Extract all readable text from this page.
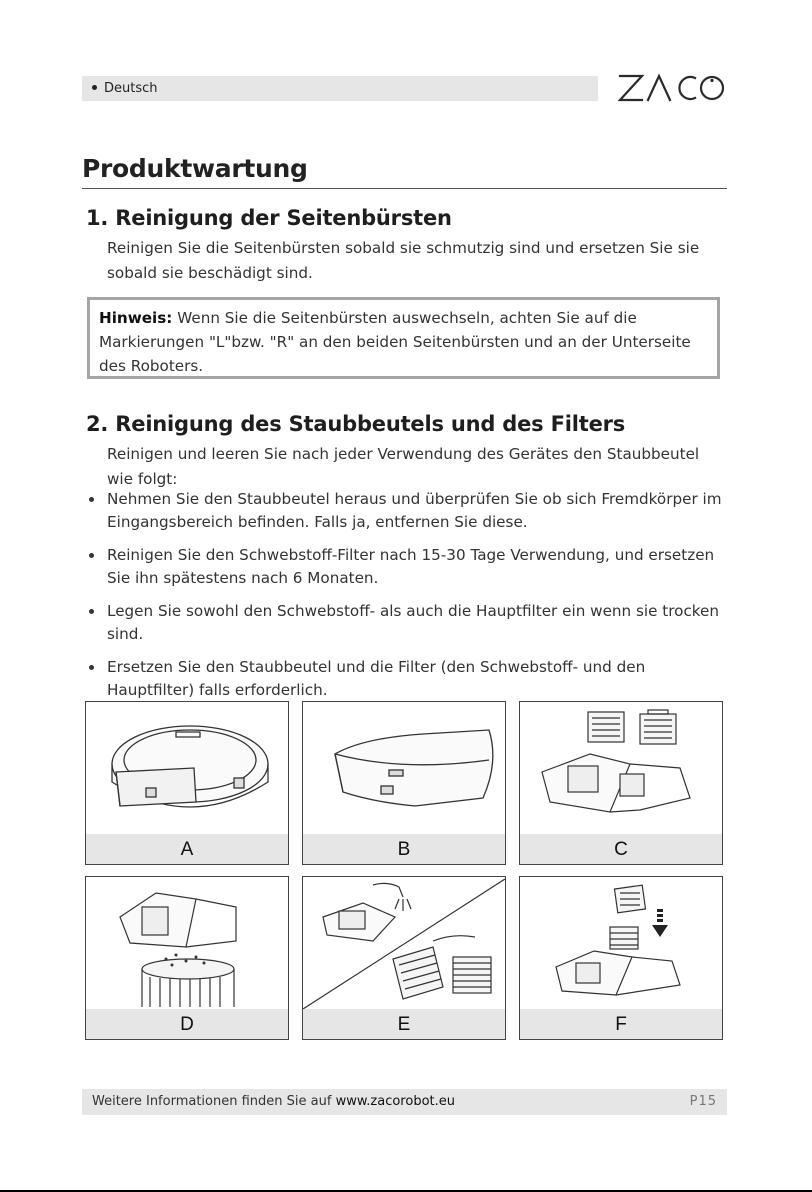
Deutsch
Produktwartung
1. Reinigung der Seitenbürsten

Reinigen Sie die Seitenbürsten sobald sie schmutzig sind und ersetzen Sie sie sobald sie beschädigt sind.

Hinweis: Wenn Sie die Seitenbürsten auswechseln, achten Sie auf die Markierungen "L"bzw. "R" an den beiden Seitenbürsten und an der Unterseite des Roboters.
2. Reinigung des Staubbeutels und des Filters

Reinigen und leeren Sie nach jeder Verwendung des Gerätes den Staubbeutel wie folgt:

Nehmen Sie den Staubbeutel heraus und überprüfen Sie ob sich Fremdkörper im Eingangsbereich befinden. Falls ja, entfernen Sie diese.
Reinigen Sie den Schwebstoff-Filter nach 15-30 Tage Verwendung, und ersetzen Sie ihn spätestens nach 6 Monaten.
Legen Sie sowohl den Schwebstoff- als auch die Hauptfilter ein wenn sie trocken sind.
Ersetzen Sie den Staubbeutel und die Filter (den Schwebstoff- und den Hauptfilter) falls erforderlich.
A	B	C
D	E	F
Weitere Informationen finden Sie auf www.zacorobot.eu	P15
